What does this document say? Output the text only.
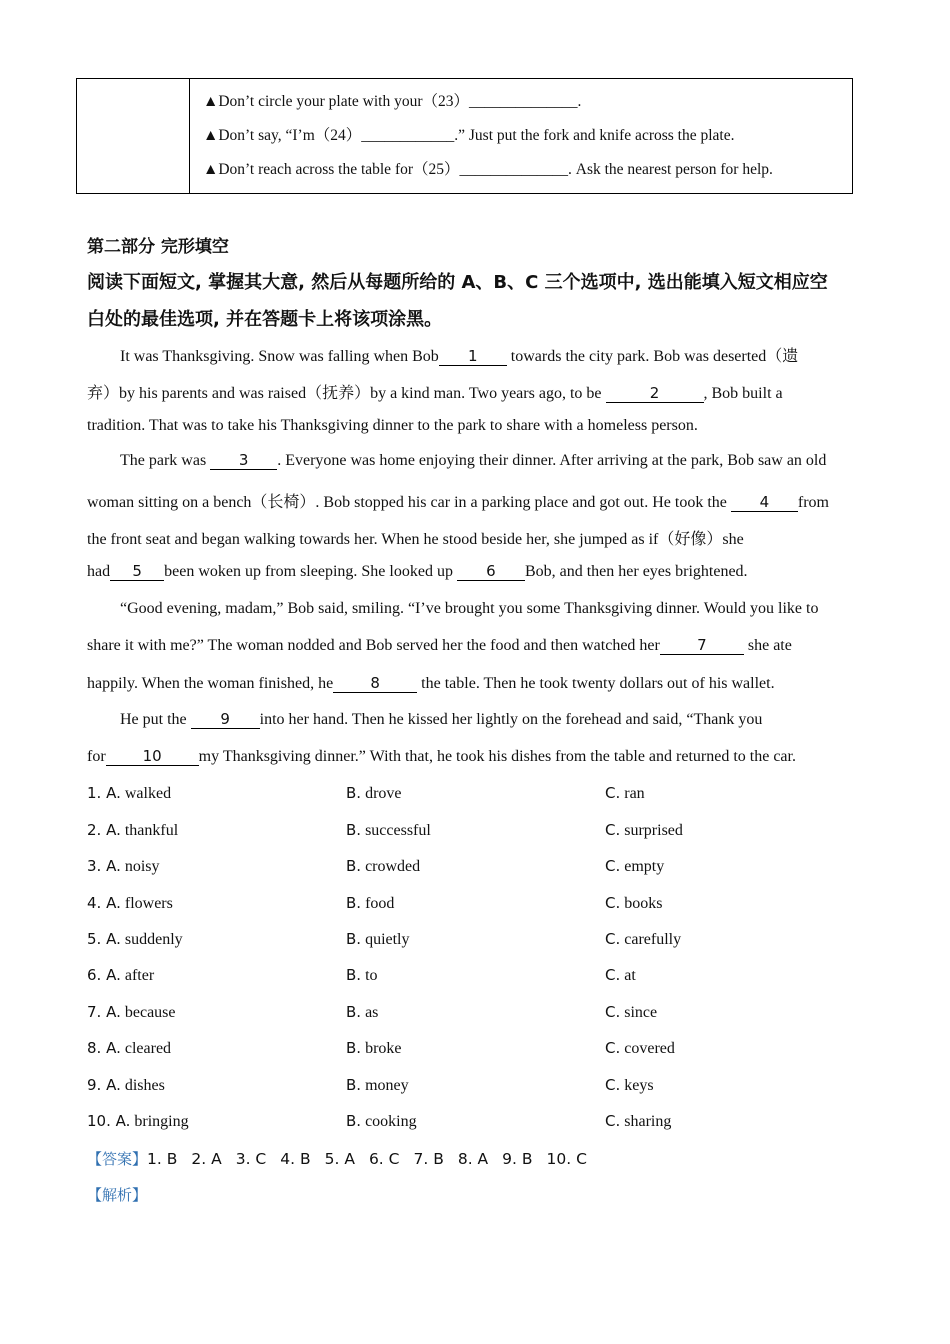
▲Don’t circle your plate with your（23）______________.
▲Don’t say, “I’m（24）____________.” Just put the fork and knife across the plate.
▲Don’t reach across the table for（25）______________. Ask the nearest person for help.
第二部分 完形填空
阅读下面短文, 掌握其大意, 然后从每题所给的 A、B、C 三个选项中, 选出能填入短文相应空
白处的最佳选项, 并在答题卡上将该项涂黑。
It was Thanksgiving. Snow was falling when Bob 1 towards the city park. Bob was deserted（遗
弃）by his parents and was raised（抚养）by a kind man. Two years ago, to be	2	, Bob built a
tradition. That was to take his Thanksgiving dinner to the park to share with a homeless person.
The park was 3 . Everyone was home enjoying their dinner. After arriving at the park, Bob saw an old
woman sitting on a bench（长椅）. Bob stopped his car in a parking place and got out. He took the 4 from
the front seat and began walking towards her. When he stood beside her, she jumped as if（好像）she
had 5 been woken up from sleeping. She looked up 6 Bob, and then her eyes brightened.
“Good evening, madam,” Bob said, smiling. “I’ve brought you some Thanksgiving dinner. Would you like to
share it with me?” The woman nodded and Bob served her the food and then watched her 7 she ate
happily. When the woman finished, he 8 the table. Then he took twenty dollars out of his wallet.
He put the 9 into her hand. Then he kissed her lightly on the forehead and said, “Thank you
for 10 my Thanksgiving dinner.” With that, he took his dishes from the table and returned to the car.
1. A. walked	B. drove	C. ran
2. A. thankful	B. successful	C. surprised
3. A. noisy	B. crowded	C. empty
4. A. flowers	B. food	C. books
5. A. suddenly	B. quietly	C. carefully
6. A. after	B. to	C. at
7. A. because	B. as	C. since
8. A. cleared	B. broke	C. covered
9. A. dishes	B. money	C. keys
10. A. bringing	B. cooking	C. sharing
【答案】1. B 2. A 3. C 4. B 5. A 6. C 7. B 8. A 9. B 10. C
【解析】
